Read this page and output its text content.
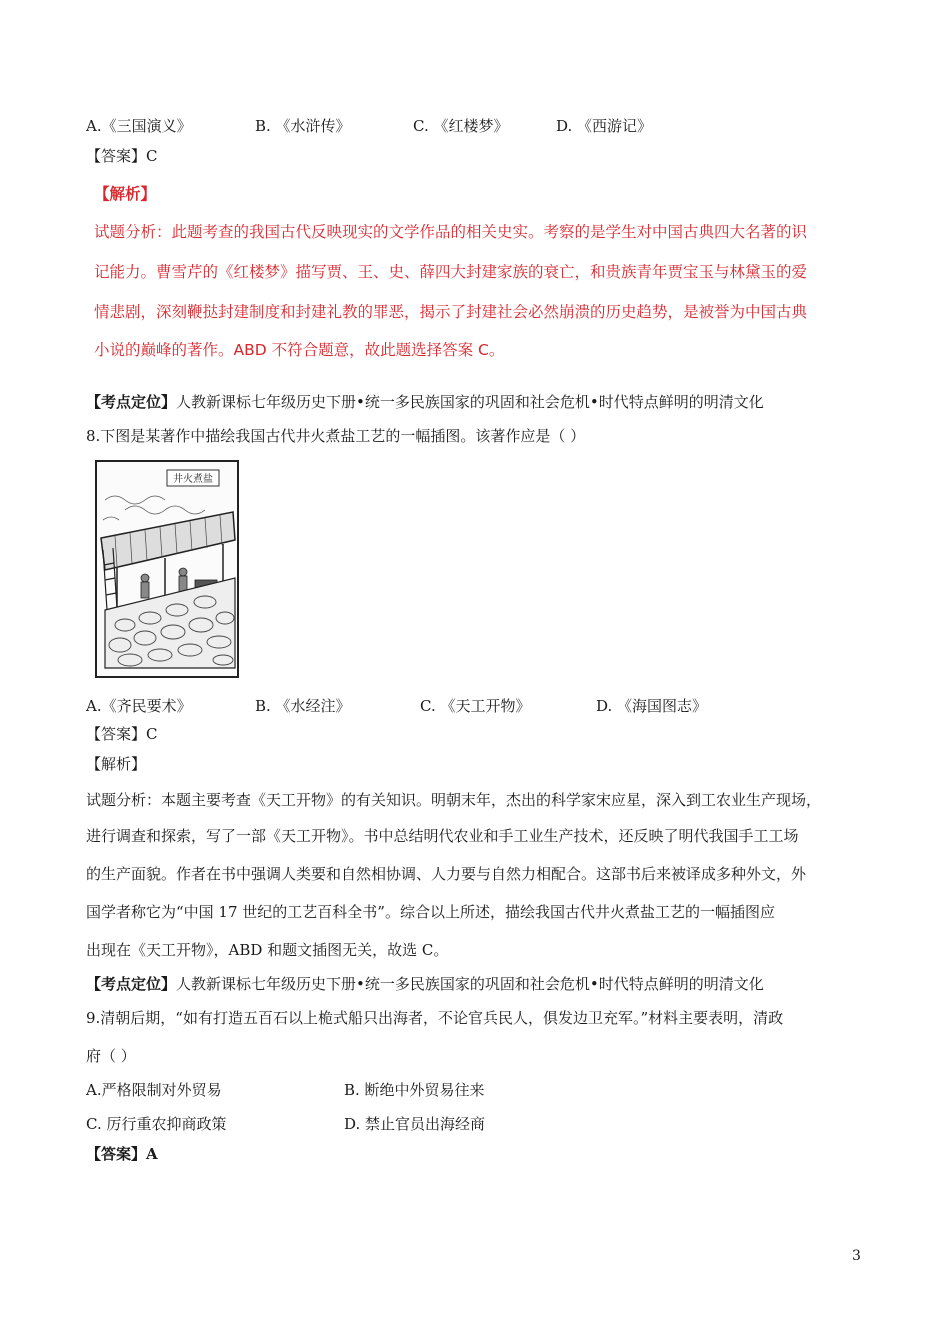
A.《三国演义》	B. 《水浒传》	C. 《红楼梦》	D. 《西游记》
【答案】C
【解析】
试题分析：此题考查的我国古代反映现实的文学作品的相关史实。考察的是学生对中国古典四大名著的识
记能力。曹雪芹的《红楼梦》描写贾、王、史、薛四大封建家族的衰亡，和贵族青年贾宝玉与林黛玉的爱
情悲剧，深刻鞭挞封建制度和封建礼教的罪恶，揭示了封建社会必然崩溃的历史趋势，是被誉为中国古典
小说的巅峰的著作。ABD 不符合题意，故此题选择答案 C。
【考点定位】人教新课标七年级历史下册•统一多民族国家的巩固和社会危机•时代特点鲜明的明清文化
8.下图是某著作中描绘我国古代井火煮盐工艺的一幅插图。该著作应是（ ）
井火煮盐
A.《齐民要术》	B. 《水经注》	C. 《天工开物》	D. 《海国图志》
【答案】C
【解析】
试题分析：本题主要考查《天工开物》的有关知识。明朝末年，杰出的科学家宋应星，深入到工农业生产现场，
进行调查和探索，写了一部《天工开物》。书中总结明代农业和手工业生产技术，还反映了明代我国手工工场
的生产面貌。作者在书中强调人类要和自然相协调、人力要与自然力相配合。这部书后来被译成多种外文，外
国学者称它为“中国 17 世纪的工艺百科全书”。综合以上所述，描绘我国古代井火煮盐工艺的一幅插图应
出现在《天工开物》，ABD 和题文插图无关，故选 C。
【考点定位】人教新课标七年级历史下册•统一多民族国家的巩固和社会危机•时代特点鲜明的明清文化
9.清朝后期，“如有打造五百石以上桅式船只出海者，不论官兵民人，俱发边卫充军。”材料主要表明，清政
府（ ）
A.严格限制对外贸易	B. 断绝中外贸易往来
C. 厉行重农抑商政策	D. 禁止官员出海经商
【答案】A
3
